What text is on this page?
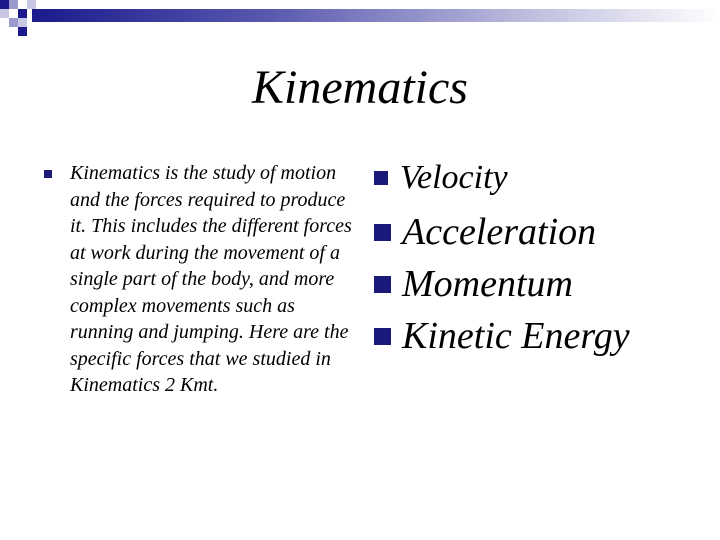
Kinematics
Kinematics is the study of motion and the forces required to produce it. This includes the different forces at work during the movement of a single part of the body, and more complex movements such as running and jumping. Here are the specific forces that we studied in Kinematics 2 Kmt.
Velocity
Acceleration
Momentum
Kinetic Energy
